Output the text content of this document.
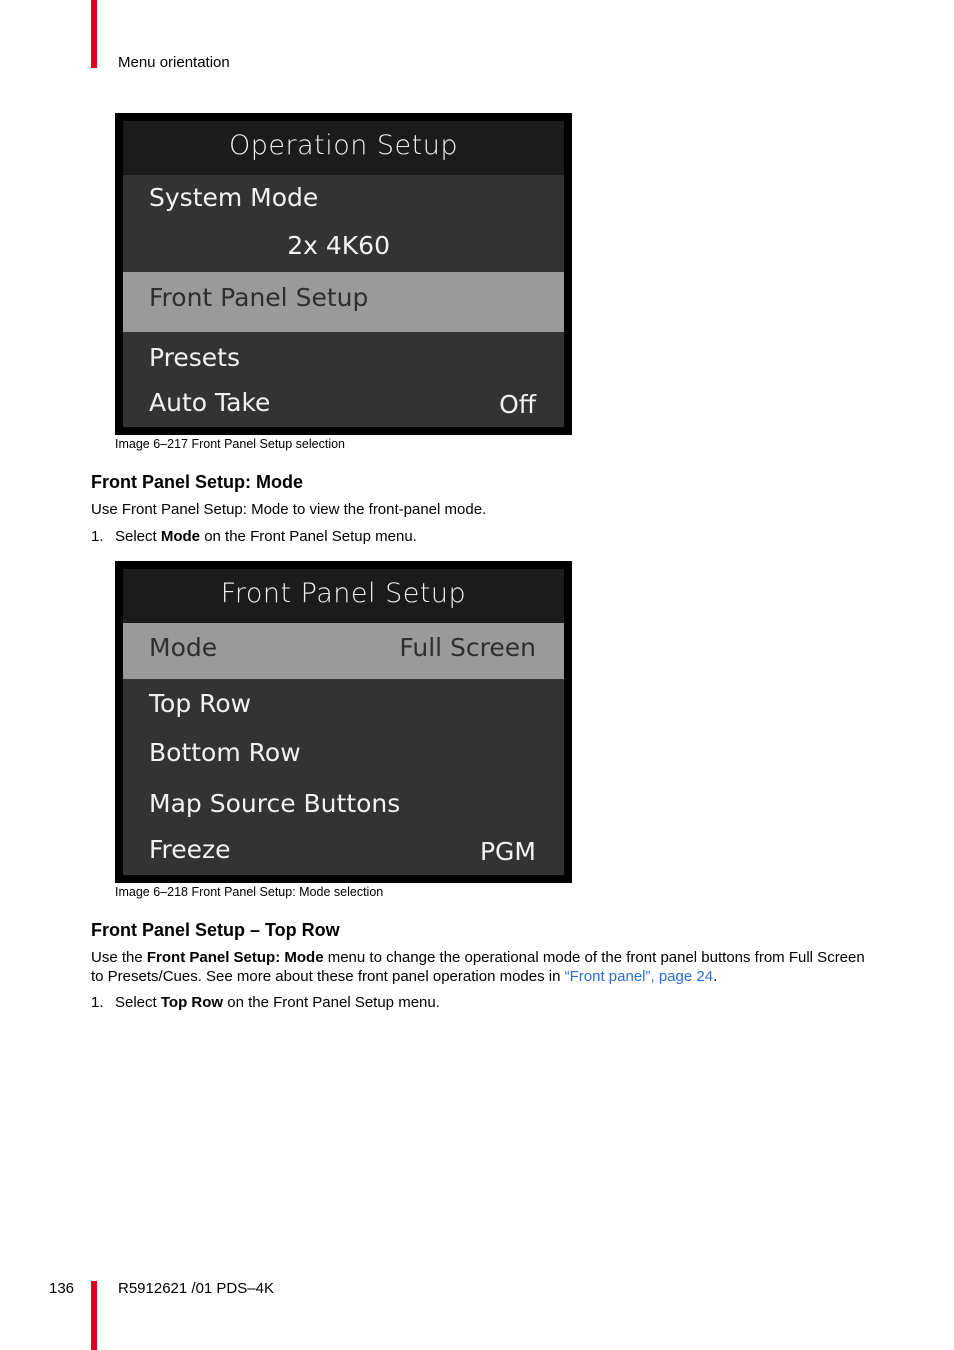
Menu orientation
Operation Setup
System Mode
2x 4K60
Front Panel Setup
Presets
Auto Take	Off
Image 6–217 Front Panel Setup selection
Front Panel Setup: Mode
Use Front Panel Setup: Mode to view the front-panel mode.
1. Select Mode on the Front Panel Setup menu.
Front Panel Setup
Mode	Full Screen
Top Row
Bottom Row
Map Source Buttons
Freeze	PGM
Image 6–218 Front Panel Setup: Mode selection
Front Panel Setup – Top Row
Use the Front Panel Setup: Mode menu to change the operational mode of the front panel buttons from Full Screen to Presets/Cues. See more about these front panel operation modes in “Front panel”, page 24.
1. Select Top Row on the Front Panel Setup menu.
136	R5912621 /01 PDS–4K
